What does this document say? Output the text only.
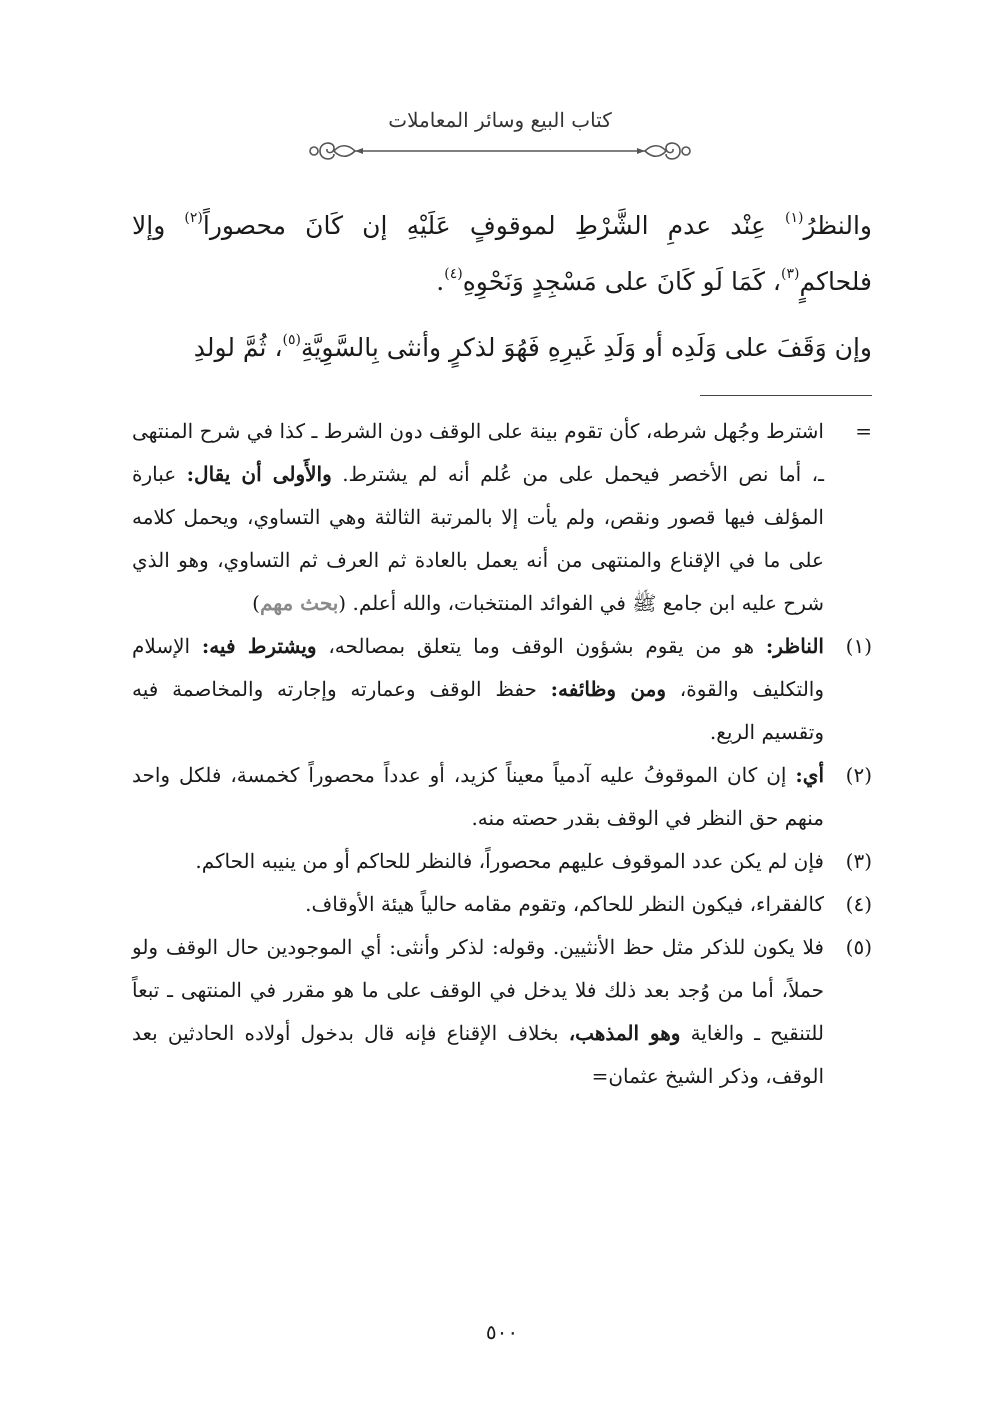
كتاب البيع وسائر المعاملات

والنظرُ$^{(١)}$ عِنْد عدمِ الشَّرْطِ لموقوفٍ عَلَيْهِ إن كَانَ محصوراً$^{(٢)}$ وإلا فلحاكمٍ$^{(٣)}$، كَمَا لَو كَانَ على مَسْجِدٍ وَنَحْوِهِ$^{(٤)}$.

وإن وَقَفَ على وَلَدِه أو وَلَدِ غَيرِهِ فَهُوَ لذكرٍ وأنثى بِالسَّوِيَّةِ$^{(٥)}$، ثُمَّ لولدِ

=
اشترط وجُهل شرطه، كأن تقوم بينة على الوقف دون الشرط ـ كذا في شرح المنتهى ـ، أما نص الأخصر فيحمل على من عُلم أنه لم يشترط. والأَولى أن يقال: عبارة المؤلف فيها قصور ونقص، ولم يأت إلا بالمرتبة الثالثة وهي التساوي، ويحمل كلامه على ما في الإقناع والمنتهى من أنه يعمل بالعادة ثم العرف ثم التساوي، وهو الذي شرح عليه ابن جامع ﷺ في الفوائد المنتخبات، والله أعلم. (بحث مهم)
(١)
الناظر: هو من يقوم بشؤون الوقف وما يتعلق بمصالحه، ويشترط فيه: الإسلام والتكليف والقوة، ومن وظائفه: حفظ الوقف وعمارته وإجارته والمخاصمة فيه وتقسيم الريع.
(٢)
أي: إن كان الموقوفُ عليه آدمياً معيناً كزيد، أو عدداً محصوراً كخمسة، فلكل واحد منهم حق النظر في الوقف بقدر حصته منه.
(٣)
فإن لم يكن عدد الموقوف عليهم محصوراً، فالنظر للحاكم أو من ينيبه الحاكم.
(٤)
كالفقراء، فيكون النظر للحاكم، وتقوم مقامه حالياً هيئة الأوقاف.
(٥)
فلا يكون للذكر مثل حظ الأنثيين. وقوله: لذكر وأنثى: أي الموجودين حال الوقف ولو حملاً، أما من وُجد بعد ذلك فلا يدخل في الوقف على ما هو مقرر في المنتهى ـ تبعاً للتنقيح ـ والغاية وهو المذهب، بخلاف الإقناع فإنه قال بدخول أولاده الحادثين بعد الوقف، وذكر الشيخ عثمان=
٥٠٠
